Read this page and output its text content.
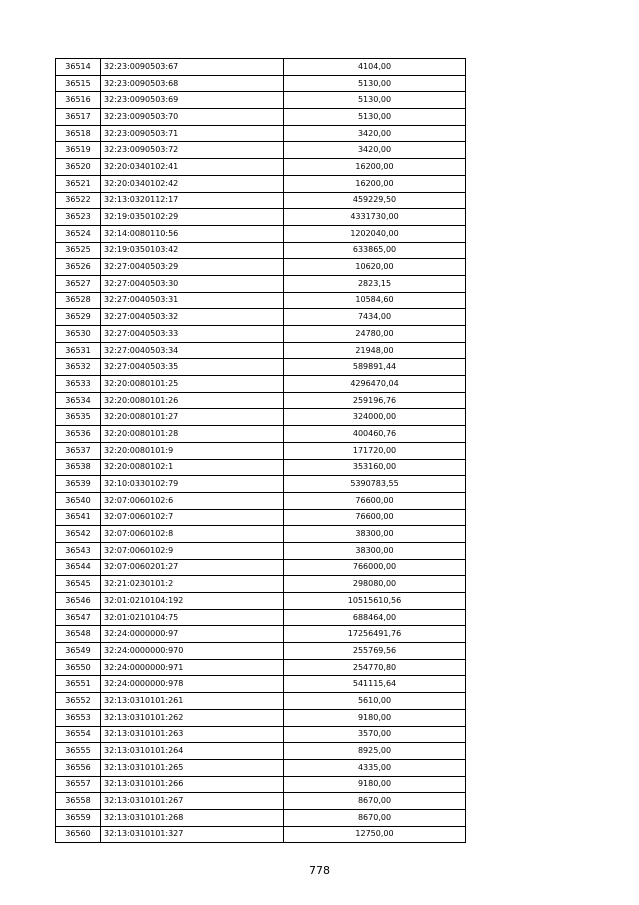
36514	32:23:0090503:67	4104,00
36515	32:23:0090503:68	5130,00
36516	32:23:0090503:69	5130,00
36517	32:23:0090503:70	5130,00
36518	32:23:0090503:71	3420,00
36519	32:23:0090503:72	3420,00
36520	32:20:0340102:41	16200,00
36521	32:20:0340102:42	16200,00
36522	32:13:0320112:17	459229,50
36523	32:19:0350102:29	4331730,00
36524	32:14:0080110:56	1202040,00
36525	32:19:0350103:42	633865,00
36526	32:27:0040503:29	10620,00
36527	32:27:0040503:30	2823,15
36528	32:27:0040503:31	10584,60
36529	32:27:0040503:32	7434,00
36530	32:27:0040503:33	24780,00
36531	32:27:0040503:34	21948,00
36532	32:27:0040503:35	589891,44
36533	32:20:0080101:25	4296470,04
36534	32:20:0080101:26	259196,76
36535	32:20:0080101:27	324000,00
36536	32:20:0080101:28	400460,76
36537	32:20:0080101:9	171720,00
36538	32:20:0080102:1	353160,00
36539	32:10:0330102:79	5390783,55
36540	32:07:0060102:6	76600,00
36541	32:07:0060102:7	76600,00
36542	32:07:0060102:8	38300,00
36543	32:07:0060102:9	38300,00
36544	32:07:0060201:27	766000,00
36545	32:21:0230101:2	298080,00
36546	32:01:0210104:192	10515610,56
36547	32:01:0210104:75	688464,00
36548	32:24:0000000:97	17256491,76
36549	32:24:0000000:970	255769,56
36550	32:24:0000000:971	254770,80
36551	32:24:0000000:978	541115,64
36552	32:13:0310101:261	5610,00
36553	32:13:0310101:262	9180,00
36554	32:13:0310101:263	3570,00
36555	32:13:0310101:264	8925,00
36556	32:13:0310101:265	4335,00
36557	32:13:0310101:266	9180,00
36558	32:13:0310101:267	8670,00
36559	32:13:0310101:268	8670,00
36560	32:13:0310101:327	12750,00
778
